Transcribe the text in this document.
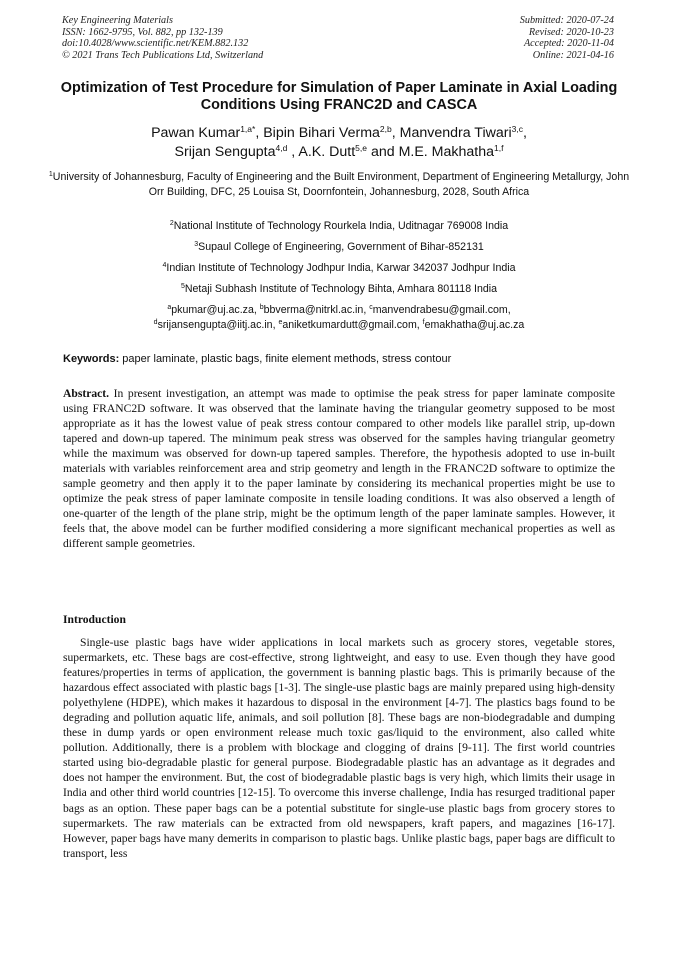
Key Engineering Materials
ISSN: 1662-9795, Vol. 882, pp 132-139
doi:10.4028/www.scientific.net/KEM.882.132
© 2021 Trans Tech Publications Ltd, Switzerland
Submitted: 2020-07-24
Revised: 2020-10-23
Accepted: 2020-11-04
Online: 2021-04-16
Optimization of Test Procedure for Simulation of Paper Laminate in Axial Loading Conditions Using FRANC2D and CASCA
Pawan Kumar$^{1,a*}$, Bipin Bihari Verma$^{2,b}$, Manvendra Tiwari$^{3,c}$,
Srijan Sengupta$^{4,d}$ , A.K. Dutt$^{5,e}$ and M.E. Makhatha$^{1,f}$
$^1$University of Johannesburg, Faculty of Engineering and the Built Environment, Department of Engineering Metallurgy, John Orr Building, DFC, 25 Louisa St, Doornfontein, Johannesburg, 2028, South Africa
$^2$National Institute of Technology Rourkela India, Uditnagar 769008 India
$^3$Supaul College of Engineering, Government of Bihar-852131
$^4$Indian Institute of Technology Jodhpur India, Karwar 342037 Jodhpur India
$^5$Netaji Subhash Institute of Technology Bihta, Amhara 801118 India
$^a$pkumar@uj.ac.za, $^b$bbverma@nitrkl.ac.in, $^c$manvendrabesu@gmail.com,
$^d$srijansengupta@iitj.ac.in, $^e$aniketkumardutt@gmail.com, $^f$emakhatha@uj.ac.za

Keywords: paper laminate, plastic bags, finite element methods, stress contour

Abstract. In present investigation, an attempt was made to optimise the peak stress for paper laminate composite using FRANC2D software. It was observed that the laminate having the triangular geometry supposed to be most appropriate as it has the lowest value of peak stress contour compared to other models like parallel strip, up-down tapered and down-up tapered. The minimum peak stress was observed for the samples having triangular geometry while the maximum was observed for down-up tapered samples. Therefore, the hypothesis adopted to use in-built materials with variables reinforcement area and strip geometry and length in the FRANC2D software to optimize the sample geometry and then apply it to the paper laminate by considering its mechanical properties might be use to optimize the peak stress of paper laminate composite in tensile loading conditions. It was also observed a length of one-quarter of the length of the plane strip, might be the optimum length of the paper laminate samples. However, it feels that, the above model can be further modified considering a more significant mechanical properties as well as different sample geometries.

Introduction

Single-use plastic bags have wider applications in local markets such as grocery stores, vegetable stores, supermarkets, etc. These bags are cost-effective, strong lightweight, and easy to use. Even though they have good features/properties in terms of application, the government is banning plastic bags. This is primarily because of the hazardous effect associated with plastic bags [1-3]. The single-use plastic bags are mainly prepared using high-density polyethylene (HDPE), which makes it hazardous to disposal in the environment [4-7]. The plastics bags found to be degrading and pollution aquatic life, animals, and soil pollution [8]. These bags are non-biodegradable and dumping these in dump yards or open environment release much toxic gas/liquid to the environment, also called white pollution. Additionally, there is a problem with blockage and clogging of drains [9-11]. The first world countries started using bio-degradable plastic for general purpose. Biodegradable plastic has an advantage as it degrades and does not hamper the environment. But, the cost of biodegradable plastic bags is very high, which limits their usage in India and other third world countries [12-15]. To overcome this inverse challenge, India has resurged traditional paper bags as an option. These paper bags can be a potential substitute for single-use plastic bags from grocery stores to supermarkets. The raw materials can be extracted from old newspapers, kraft papers, and magazines [16-17]. However, paper bags have many demerits in comparison to plastic bags. Unlike plastic bags, paper bags are difficult to transport, less
